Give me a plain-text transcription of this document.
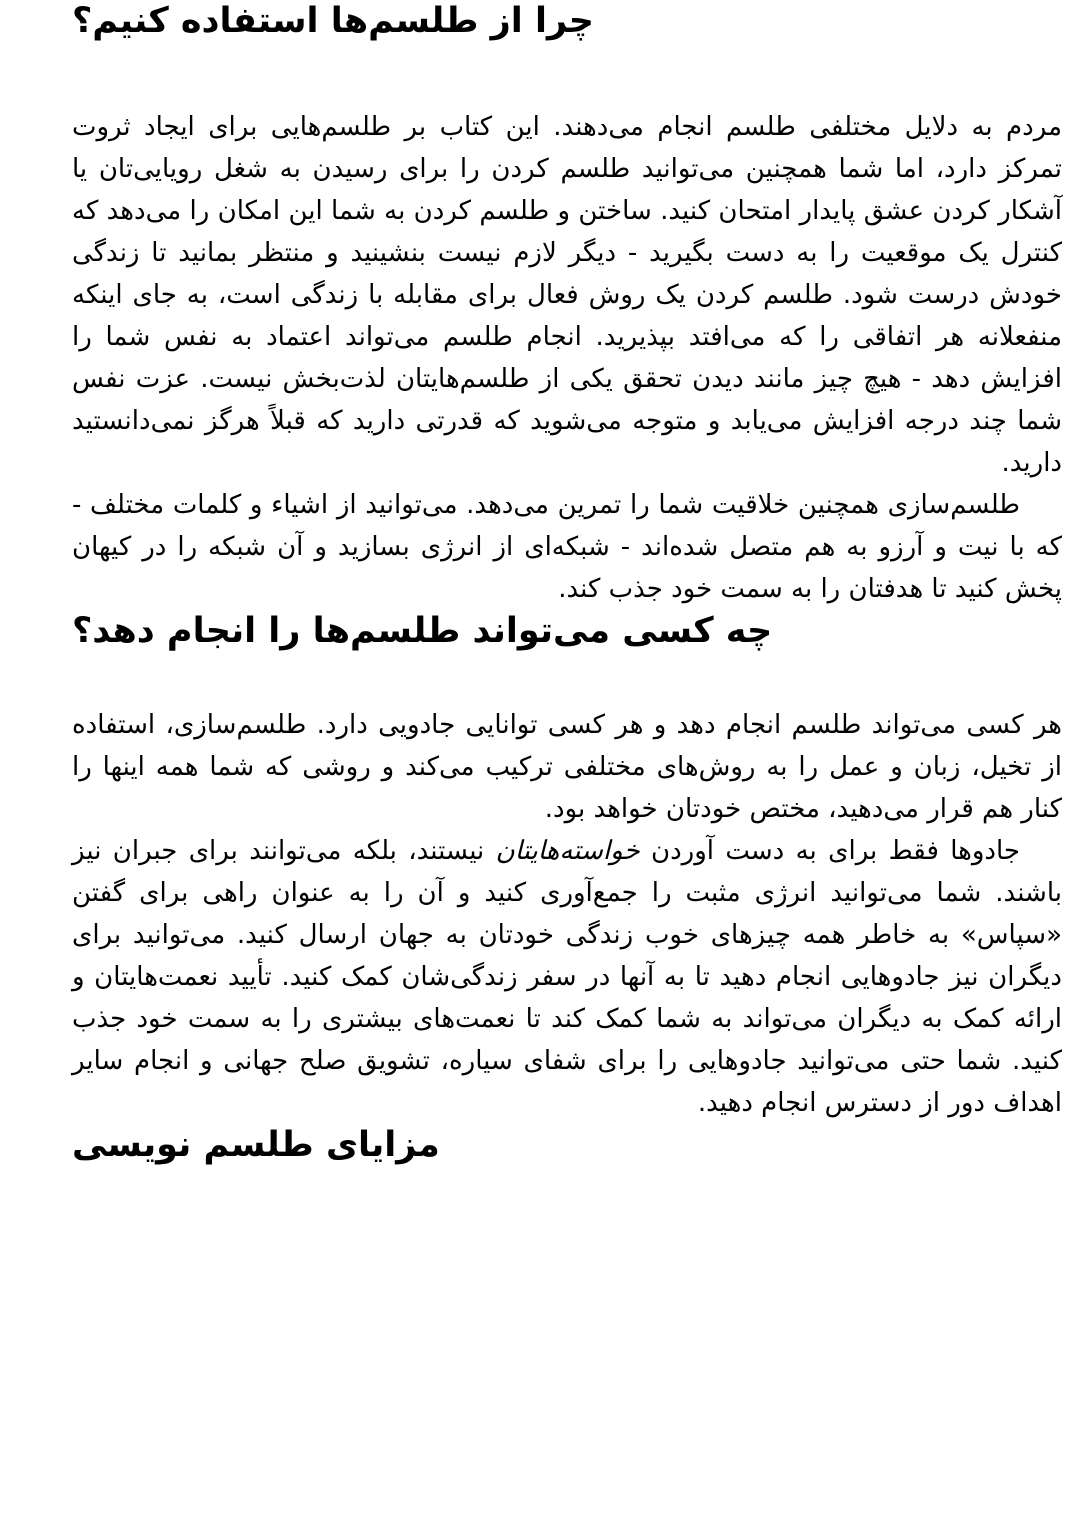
چرا از طلسم‌ها استفاده کنیم؟

مردم به دلایل مختلفی طلسم انجام می‌دهند. این کتاب بر طلسم‌هایی برای ایجاد ثروت تمرکز دارد، اما شما همچنین می‌توانید طلسم کردن را برای رسیدن به شغل رویایی‌تان یا آشکار کردن عشق پایدار امتحان کنید. ساختن و طلسم کردن به شما این امکان را می‌دهد که کنترل یک موقعیت را به دست بگیرید - دیگر لازم نیست بنشینید و منتظر بمانید تا زندگی خودش درست شود. طلسم کردن یک روش فعال برای مقابله با زندگی است، به جای اینکه منفعلانه هر اتفاقی را که می‌افتد بپذیرید. انجام طلسم می‌تواند اعتماد به نفس شما را افزایش دهد - هیچ چیز مانند دیدن تحقق یکی از طلسم‌هایتان لذت‌بخش نیست. عزت نفس شما چند درجه افزایش می‌یابد و متوجه می‌شوید که قدرتی دارید که قبلاً هرگز نمی‌دانستید دارید.

طلسم‌سازی همچنین خلاقیت شما را تمرین می‌دهد. می‌توانید از اشیاء و کلمات مختلف - که با نیت و آرزو به هم متصل شده‌اند - شبکه‌ای از انرژی بسازید و آن شبکه را در کیهان پخش کنید تا هدفتان را به سمت خود جذب کند.

چه کسی می‌تواند طلسم‌ها را انجام دهد؟

هر کسی می‌تواند طلسم انجام دهد و هر کسی توانایی جادویی دارد. طلسم‌سازی، استفاده از تخیل، زبان و عمل را به روش‌های مختلفی ترکیب می‌کند و روشی که شما همه اینها را کنار هم قرار می‌دهید، مختص خودتان خواهد بود.

جادوها فقط برای به دست آوردن خواسته‌هایتان نیستند، بلکه می‌توانند برای جبران نیز باشند. شما می‌توانید انرژی مثبت را جمع‌آوری کنید و آن را به عنوان راهی برای گفتن «سپاس» به خاطر همه چیزهای خوب زندگی خودتان به جهان ارسال کنید. می‌توانید برای دیگران نیز جادوهایی انجام دهید تا به آنها در سفر زندگی‌شان کمک کنید. تأیید نعمت‌هایتان و ارائه کمک به دیگران می‌تواند به شما کمک کند تا نعمت‌های بیشتری را به سمت خود جذب کنید. شما حتی می‌توانید جادوهایی را برای شفای سیاره، تشویق صلح جهانی و انجام سایر اهداف دور از دسترس انجام دهید.

مزایای طلسم نویسی
